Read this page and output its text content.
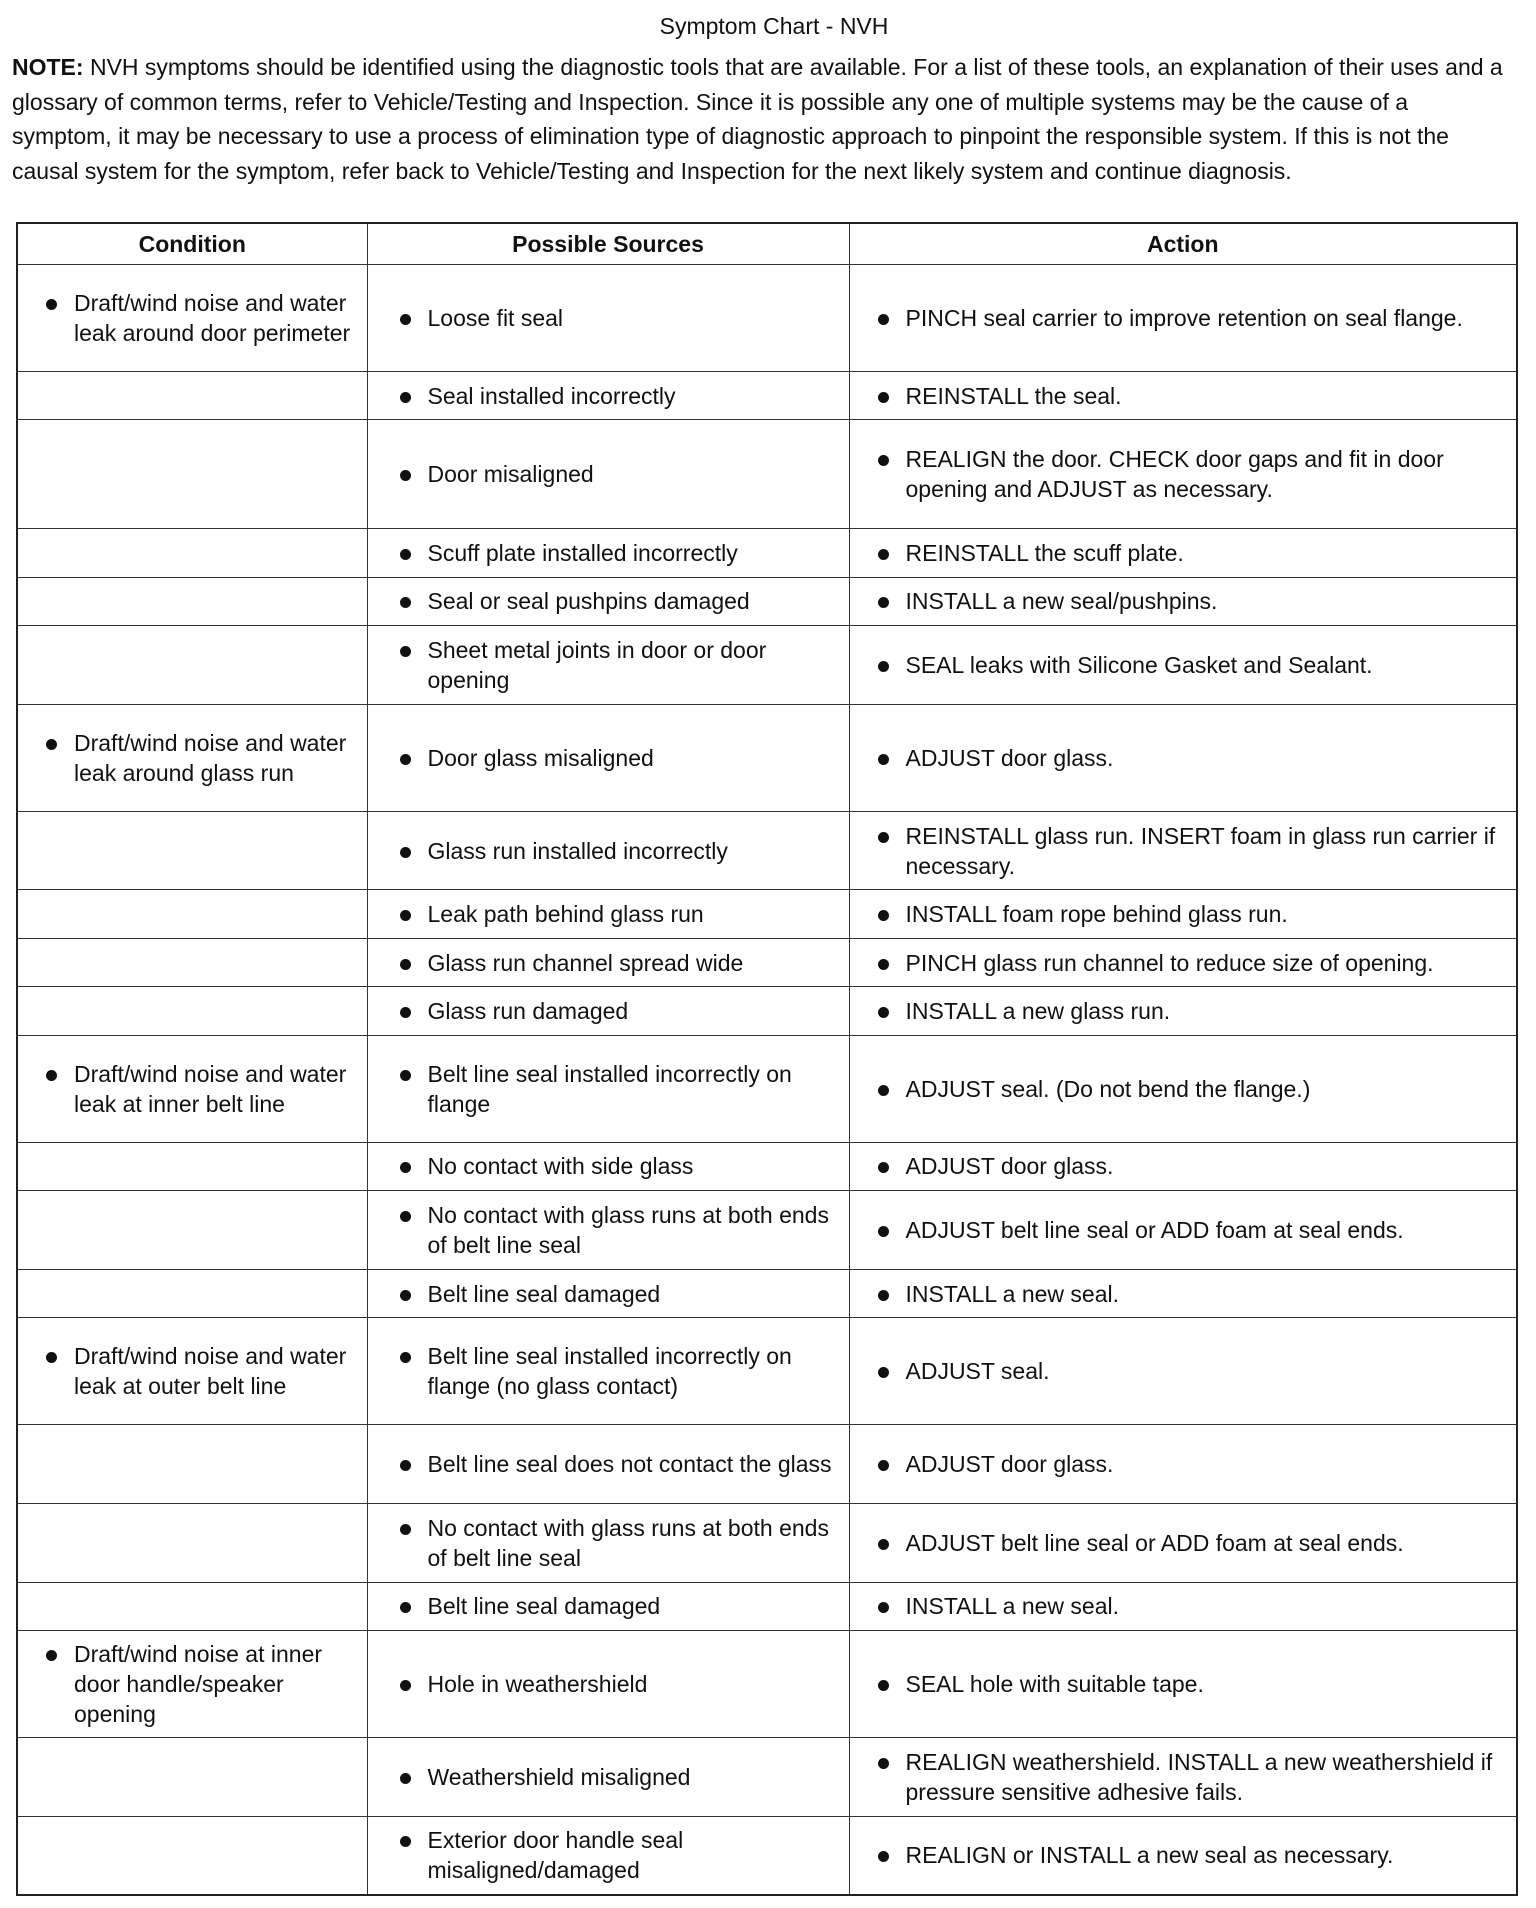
Symptom Chart - NVH
NOTE: NVH symptoms should be identified using the diagnostic tools that are available. For a list of these tools, an explanation of their uses and a glossary of common terms, refer to Vehicle/Testing and Inspection. Since it is possible any one of multiple systems may be the cause of a symptom, it may be necessary to use a process of elimination type of diagnostic approach to pinpoint the responsible system. If this is not the causal system for the symptom, refer back to Vehicle/Testing and Inspection for the next likely system and continue diagnosis.
Condition	Possible Sources	Action

Draft/wind noise and water leak around door perimeter	Loose fit seal	PINCH seal carrier to improve retention on seal flange.

	Seal installed incorrectly	REINSTALL the seal.

	Door misaligned	REALIGN the door. CHECK door gaps and fit in door opening and ADJUST as necessary.

	Scuff plate installed incorrectly	REINSTALL the scuff plate.

	Seal or seal pushpins damaged	INSTALL a new seal/pushpins.

	Sheet metal joints in door or door opening	SEAL leaks with Silicone Gasket and Sealant.

Draft/wind noise and water leak around glass run	Door glass misaligned	ADJUST door glass.

	Glass run installed incorrectly	REINSTALL glass run. INSERT foam in glass run carrier if necessary.

	Leak path behind glass run	INSTALL foam rope behind glass run.

	Glass run channel spread wide	PINCH glass run channel to reduce size of opening.

	Glass run damaged	INSTALL a new glass run.

Draft/wind noise and water leak at inner belt line	Belt line seal installed incorrectly on flange	ADJUST seal. (Do not bend the flange.)

	No contact with side glass	ADJUST door glass.

	No contact with glass runs at both ends of belt line seal	ADJUST belt line seal or ADD foam at seal ends.

	Belt line seal damaged	INSTALL a new seal.

Draft/wind noise and water leak at outer belt line	Belt line seal installed incorrectly on flange (no glass contact)	ADJUST seal.

	Belt line seal does not contact the glass	ADJUST door glass.

	No contact with glass runs at both ends of belt line seal	ADJUST belt line seal or ADD foam at seal ends.

	Belt line seal damaged	INSTALL a new seal.

Draft/wind noise at inner door handle/speaker opening	Hole in weathershield	SEAL hole with suitable tape.

	Weathershield misaligned	REALIGN weathershield. INSTALL a new weathershield if pressure sensitive adhesive fails.

	Exterior door handle seal misaligned/damaged	REALIGN or INSTALL a new seal as necessary.
